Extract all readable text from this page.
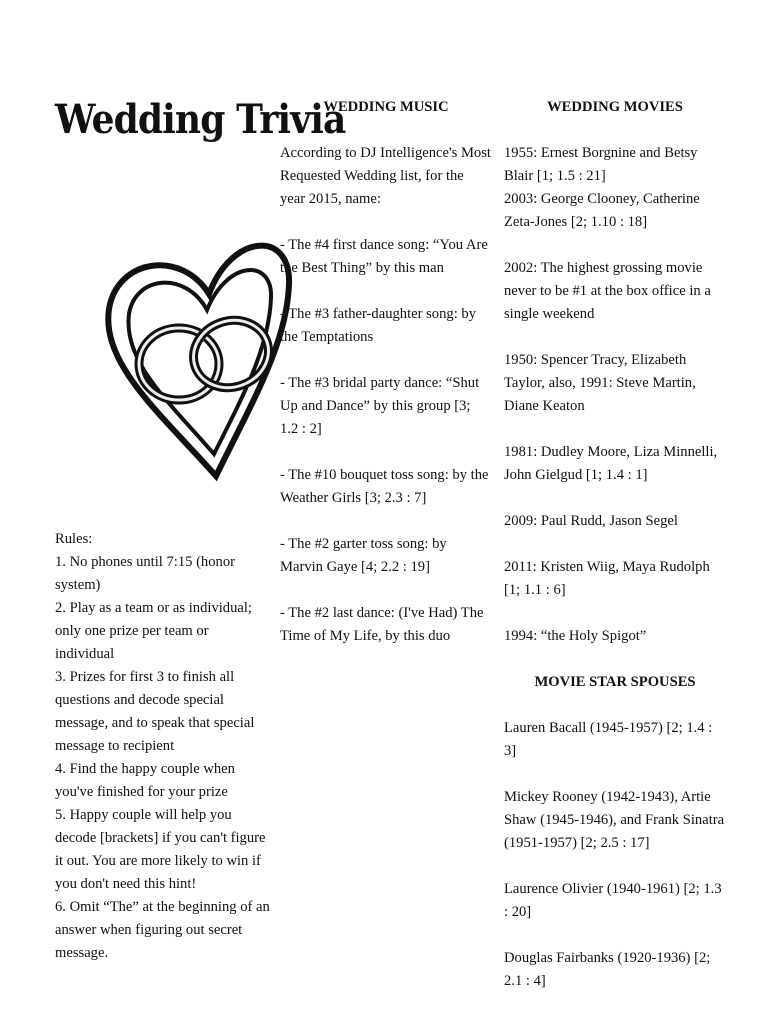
Wedding Trivia

Rules:

1. No phones until 7:15 (honor system)

2. Play as a team or as individual; only one prize per team or individual

3. Prizes for first 3 to finish all questions and decode special message, and to speak that special message to recipient

4. Find the happy couple when you've finished for your prize

5. Happy couple will help you decode [brackets] if you can't figure it out. You are more likely to win if you don't need this hint!

6. Omit “The” at the beginning of an answer when figuring out secret message.

WEDDING MUSIC

According to DJ Intelligence's Most Requested Wedding list, for the year 2015, name:

- The #4 first dance song: “You Are the Best Thing” by this man

- The #3 father-daughter song: by the Temptations

- The #3 bridal party dance: “Shut Up and Dance” by this group [3; 1.2 : 2]

- The #10 bouquet toss song: by the Weather Girls [3; 2.3 : 7]

- The #2 garter toss song: by Marvin Gaye [4; 2.2 : 19]

- The #2 last dance: (I've Had) The Time of My Life, by this duo

WEDDING MOVIES

1955: Ernest Borgnine and Betsy Blair [1; 1.5 : 21]

2003: George Clooney, Catherine Zeta-Jones [2; 1.10 : 18]

2002: The highest grossing movie never to be #1 at the box office in a single weekend

1950: Spencer Tracy, Elizabeth Taylor, also, 1991: Steve Martin, Diane Keaton

1981: Dudley Moore, Liza Minnelli, John Gielgud [1; 1.4 : 1]

2009: Paul Rudd, Jason Segel

2011: Kristen Wiig, Maya Rudolph [1; 1.1 : 6]

1994: “the Holy Spigot”

MOVIE STAR SPOUSES

Lauren Bacall (1945-1957) [2; 1.4 : 3]

Mickey Rooney (1942-1943), Artie Shaw (1945-1946), and Frank Sinatra (1951-1957) [2; 2.5 : 17]

Laurence Olivier (1940-1961) [2; 1.3 : 20]

Douglas Fairbanks (1920-1936) [2; 2.1 : 4]
